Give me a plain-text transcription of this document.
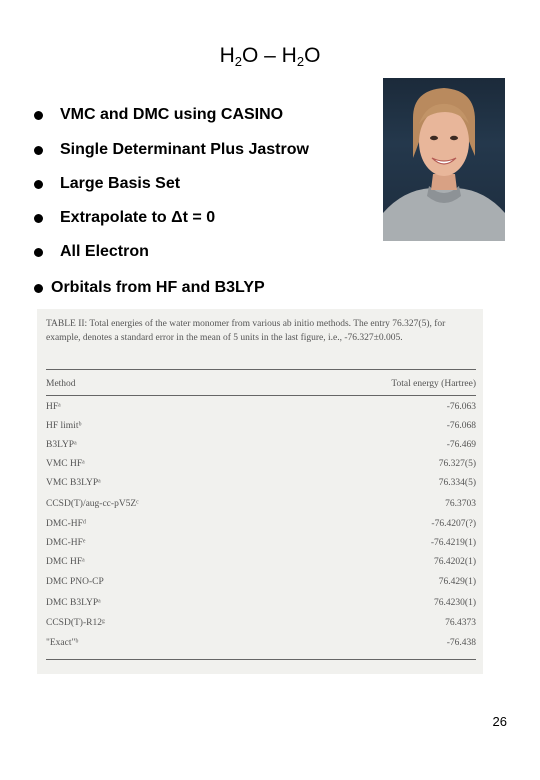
$H_2O - H_2O$
VMC and DMC using CASINO
Single Determinant Plus Jastrow
Large Basis Set
Extrapolate to Δt = 0
All Electron
Orbitals from HF and B3LYP
TABLE II: Total energies of the water monomer from various ab initio methods. The entry 76.327(5), for example, denotes a standard error in the mean of 5 units in the last figure, i.e., -76.327±0.005.
Method	Total energy (Hartree)
HFᵃ	-76.063
HF limitᵇ	-76.068
B3LYPᵃ	-76.469
VMC HFᵃ	76.327(5)
VMC B3LYPᵃ	76.334(5)
CCSD(T)/aug-cc-pV5Zᶜ	76.3703
DMC-HFᵈ	-76.4207(?)
DMC-HFᵉ	-76.4219(1)
DMC HFᵃ	76.4202(1)
DMC PNO-CP	76.429(1)
DMC B3LYPᵃ	76.4230(1)
CCSD(T)-R12ᵍ	76.4373
"Exact"ᵇ	-76.438
26
